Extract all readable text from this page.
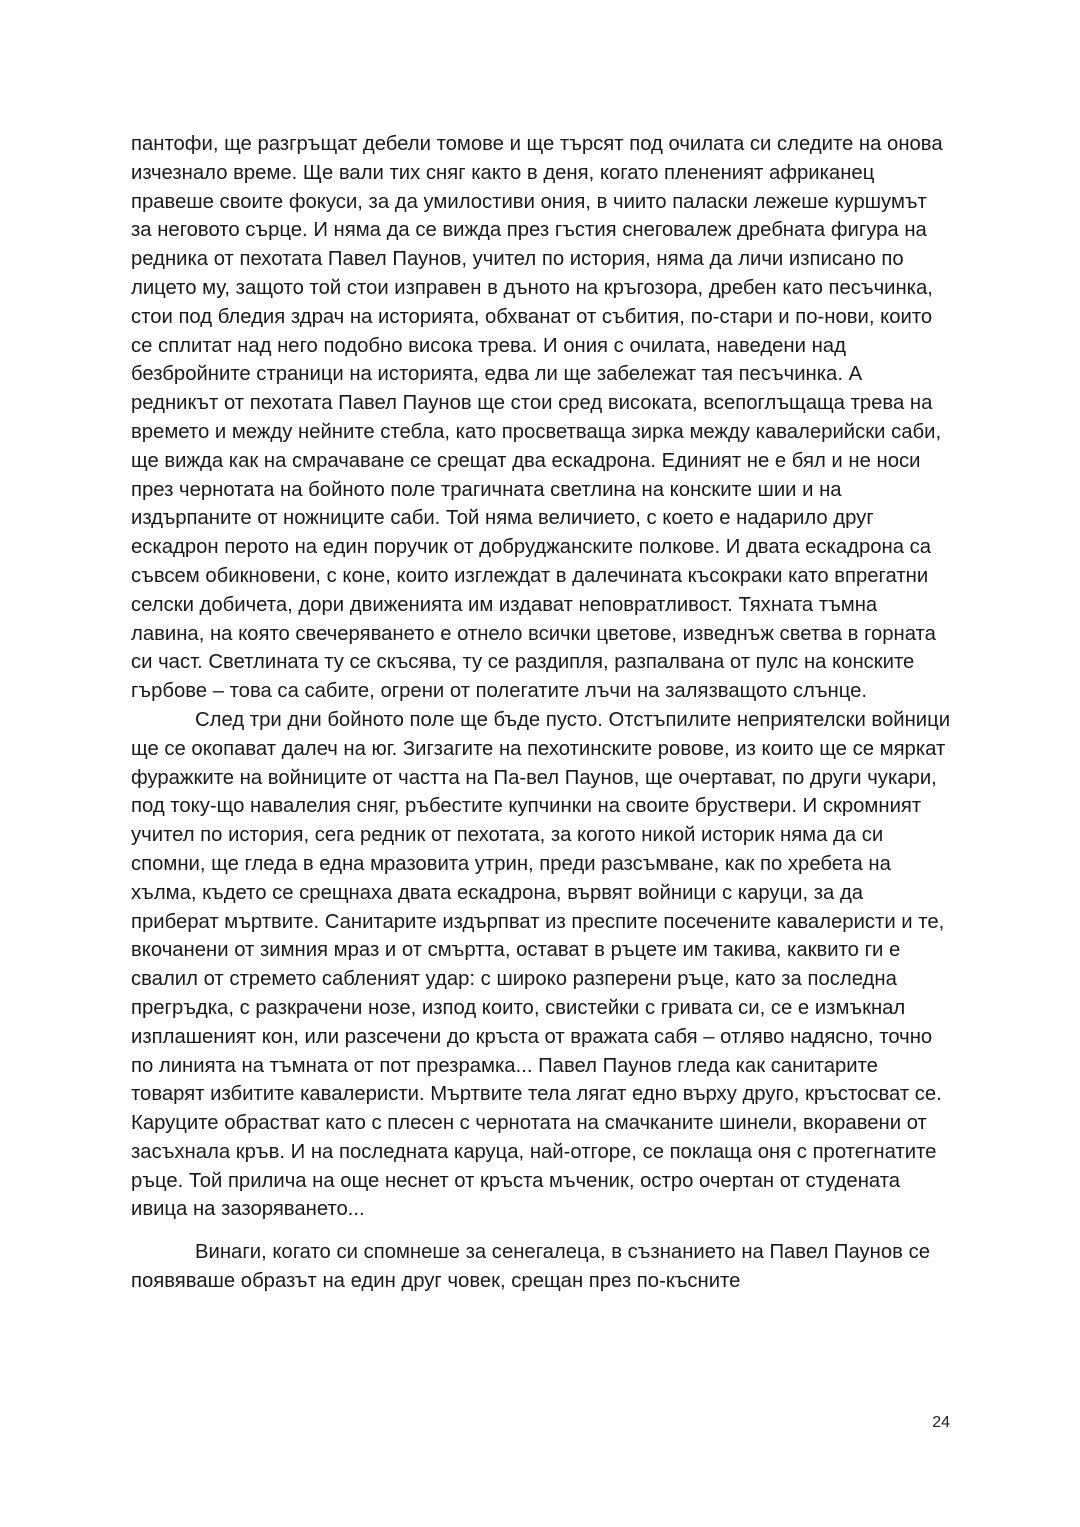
пантофи, ще разгръщат дебели томове и ще търсят под очилата си следите на онова изчезнало време. Ще вали тих сняг както в деня, когато плененият африканец правеше своите фокуси, за да умилостиви ония, в чиито паласки лежеше куршумът за неговото сърце. И няма да се вижда през гъстия снеговалеж дребната фигура на редника от пехотата Павел Паунов, учител по история, няма да личи изписано по лицето му, защото той стои изправен в дъното на кръгозора, дребен като песъчинка, стои под бледия здрач на историята, обхванат от събития, по-стари и по-нови, които се сплитат над него подобно висока трева. И ония с очилата, наведени над безбройните страници на историята, едва ли ще забележат тая песъчинка. А редникът от пехотата Павел Паунов ще стои сред високата, всепоглъщаща трева на времето и между нейните стебла, като просветваща зирка между кавалерийски саби, ще вижда как на смрачаване се срещат два ескадрона. Единият не е бял и не носи през чернотата на бойното поле трагичната светлина на конските шии и на издърпаните от ножниците саби. Той няма величието, с което е надарило друг ескадрон перото на един поручик от добруджанските полкове. И двата ескадрона са съвсем обикновени, с коне, които изглеждат в далечината късокраки като впрегатни селски добичета, дори движенията им издават неповратливост. Тяхната тъмна лавина, на която свечеряването е отнело всички цветове, изведнъж светва в горната си част. Светлината ту се скъсява, ту се раздипля, разпалвана от пулс на конските гърбове – това са сабите, огрени от полегатите лъчи на залязващото слънце.

След три дни бойното поле ще бъде пусто. Отстъпилите неприятелски войници ще се окопават далеч на юг. Зигзагите на пехотинските ровове, из които ще се мяркат фуражките на войниците от частта на Па-вел Паунов, ще очертават, по други чукари, под току-що навалелия сняг, ръбестите купчинки на своите бруствери. И скромният учител по история, сега редник от пехотата, за когото никой историк няма да си спомни, ще гледа в една мразовита утрин, преди разсъмване, как по хребета на хълма, където се срещнаха двата ескадрона, вървят войници с каруци, за да приберат мъртвите. Санитарите издърпват из преспите посечените кавалеристи и те, вкочанени от зимния мраз и от смъртта, остават в ръцете им такива, каквито ги е свалил от стремето сабленият удар: с широко разперени ръце, като за последна прегръдка, с разкрачени нозе, изпод които, свистейки с гривата си, се е измъкнал изплашеният кон, или разсечени до кръста от вражата сабя – отляво надясно, точно по линията на тъмната от пот презрамка... Павел Паунов гледа как санитарите товарят избитите кавалеристи. Мъртвите тела лягат едно върху друго, кръстосват се. Каруците обрастват като с плесен с чернотата на смачканите шинели, вкоравени от засъхнала кръв. И на последната каруца, най-отгоре, се поклаща оня с протегнатите ръце. Той прилича на още неснет от кръста мъченик, остро очертан от студената ивица на зазоряването...

Винаги, когато си спомнеше за сенегалеца, в съзнанието на Павел Паунов се появяваше образът на един друг човек, срещан през по-късните

24
